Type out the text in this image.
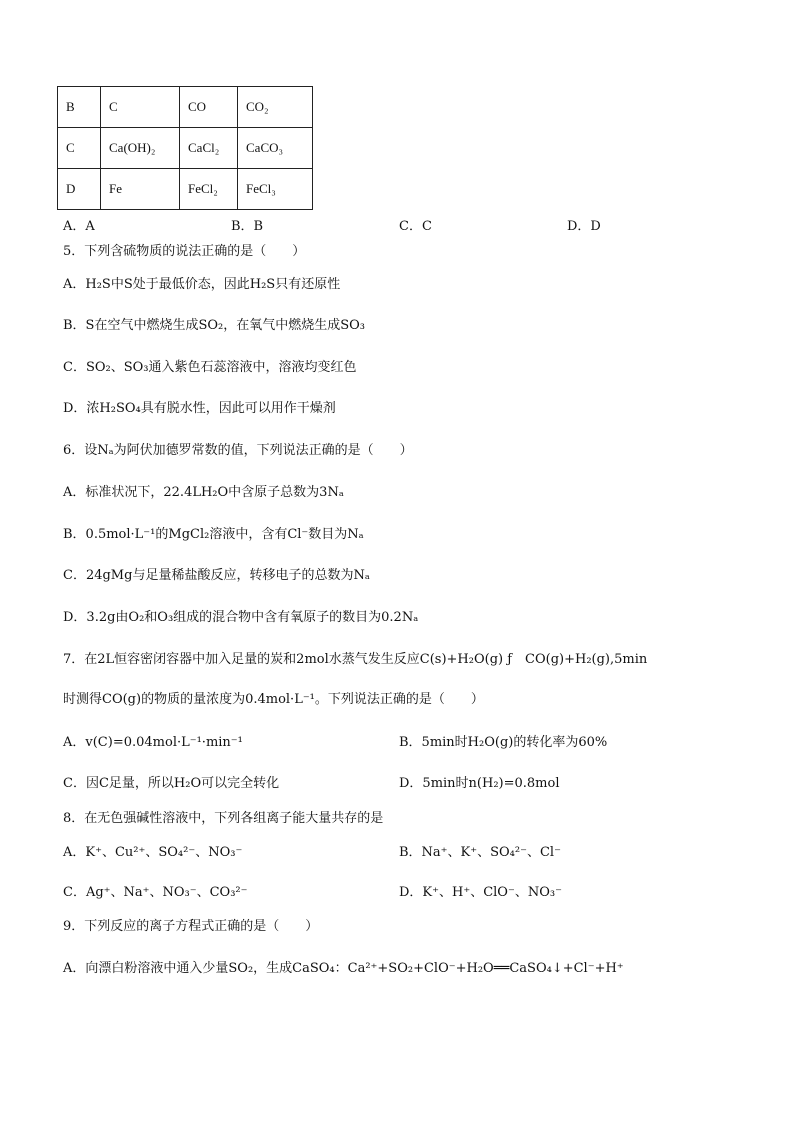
B	C	CO	CO₂
C	Ca(OH)₂	CaCl₂	CaCO₃
D	Fe	FeCl₂	FeCl₃
A．A	B．B	C．C	D．D
5．下列含硫物质的说法正确的是（　　）
A．H₂S中S处于最低价态，因此H₂S只有还原性
B．S在空气中燃烧生成SO₂，在氧气中燃烧生成SO₃
C．SO₂、SO₃通入紫色石蕊溶液中，溶液均变红色
D．浓H₂SO₄具有脱水性，因此可以用作干燥剂
6．设Nₐ为阿伏加德罗常数的值，下列说法正确的是（　　）
A．标准状况下，22.4LH₂O中含原子总数为3Nₐ
B．0.5mol·L⁻¹的MgCl₂溶液中，含有Cl⁻数目为Nₐ
C．24gMg与足量稀盐酸反应，转移电子的总数为Nₐ
D．3.2g由O₂和O₃组成的混合物中含有氧原子的数目为0.2Nₐ
7．在2L恒容密闭容器中加入足量的炭和2mol水蒸气发生反应C(s)+H₂O(g) ƒ　CO(g)+H₂(g),5min
时测得CO(g)的物质的量浓度为0.4mol·L⁻¹。下列说法正确的是（　　）
A．v(C)=0.04mol·L⁻¹·min⁻¹	B．5min时H₂O(g)的转化率为60%
C．因C足量，所以H₂O可以完全转化	D．5min时n(H₂)=0.8mol
8．在无色强碱性溶液中，下列各组离子能大量共存的是
A．K⁺、Cu²⁺、SO₄²⁻、NO₃⁻	B．Na⁺、K⁺、SO₄²⁻、Cl⁻
C．Ag⁺、Na⁺、NO₃⁻、CO₃²⁻	D．K⁺、H⁺、ClO⁻、NO₃⁻
9．下列反应的离子方程式正确的是（　　）
A．向漂白粉溶液中通入少量SO₂，生成CaSO₄：Ca²⁺+SO₂+ClO⁻+H₂O══CaSO₄↓+Cl⁻+H⁺
